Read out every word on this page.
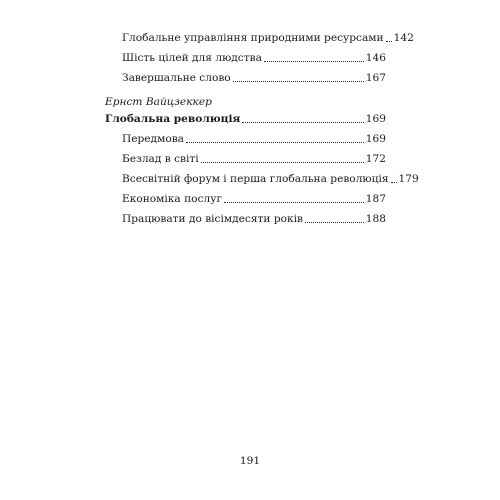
Глобальне управління природними ресурсами 142
Шість цілей для людства	146
Завершальне слово	167
Ернст Вайцзеккер
Глобальна революція	169
Передмова	169
Безлад в світі	172
Всесвітній форум і перша глобальна революція 179
Економіка послуг	187
Працювати до вісімдесяти років	188
191
